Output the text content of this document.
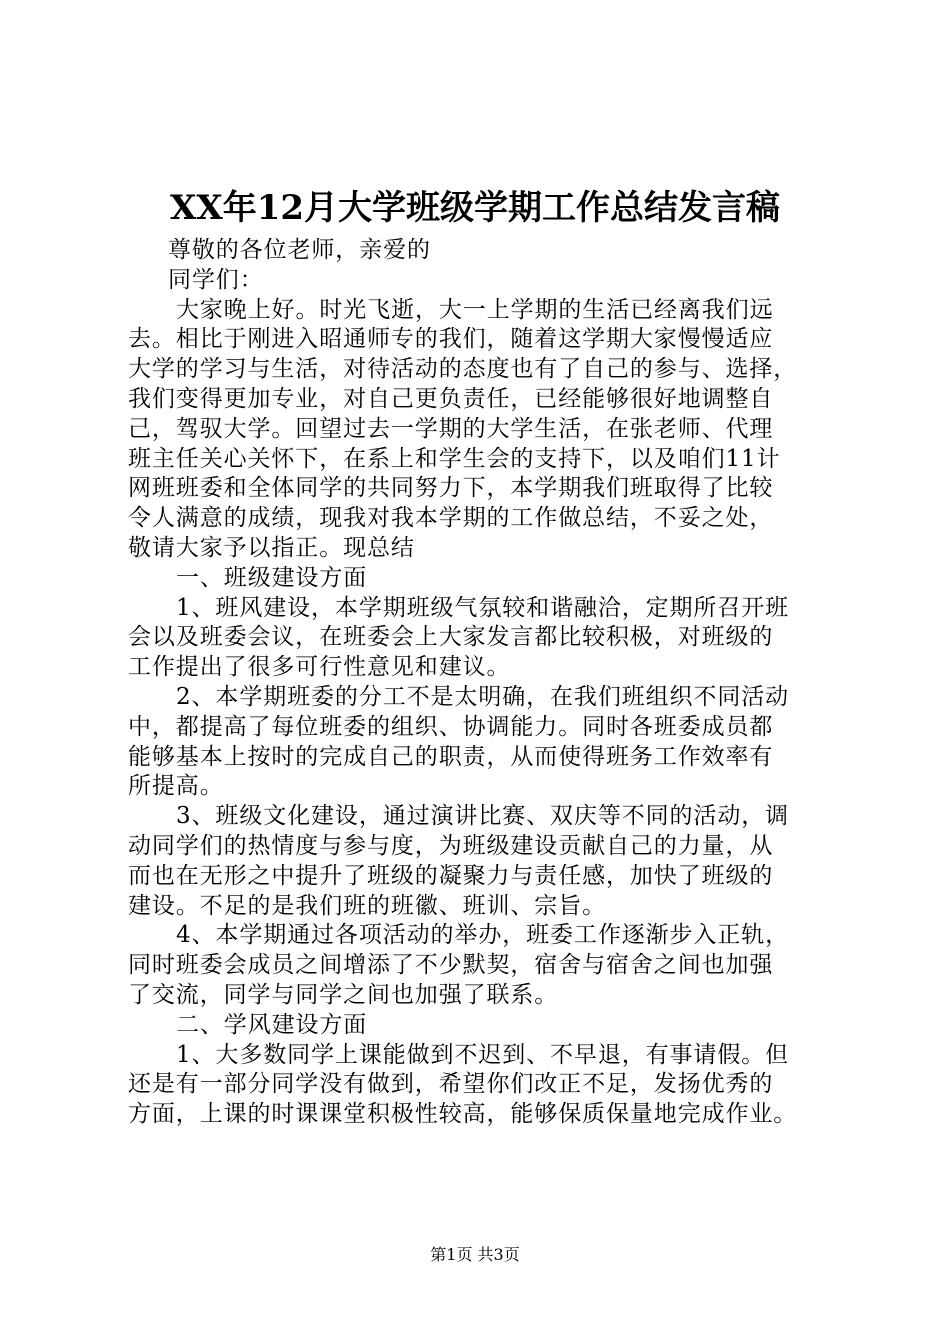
XX年12月大学班级学期工作总结发言稿
尊敬的各位老师，亲爱的
同学们：
大家晚上好。时光飞逝，大一上学期的生活已经离我们远
去。相比于刚进入昭通师专的我们，随着这学期大家慢慢适应
大学的学习与生活，对待活动的态度也有了自己的参与、选择，
我们变得更加专业，对自己更负责任，已经能够很好地调整自
己，驾驭大学。回望过去一学期的大学生活，在张老师、代理
班主任关心关怀下，在系上和学生会的支持下，以及咱们11计
网班班委和全体同学的共同努力下，本学期我们班取得了比较
令人满意的成绩，现我对我本学期的工作做总结，不妥之处，
敬请大家予以指正。现总结
一、班级建设方面
1、班风建设，本学期班级气氛较和谐融洽，定期所召开班
会以及班委会议，在班委会上大家发言都比较积极，对班级的
工作提出了很多可行性意见和建议。
2、本学期班委的分工不是太明确，在我们班组织不同活动
中，都提高了每位班委的组织、协调能力。同时各班委成员都
能够基本上按时的完成自己的职责，从而使得班务工作效率有
所提高。
3、班级文化建设，通过演讲比赛、双庆等不同的活动，调
动同学们的热情度与参与度，为班级建设贡献自己的力量，从
而也在无形之中提升了班级的凝聚力与责任感，加快了班级的
建设。不足的是我们班的班徽、班训、宗旨。
4、本学期通过各项活动的举办，班委工作逐渐步入正轨，
同时班委会成员之间增添了不少默契，宿舍与宿舍之间也加强
了交流，同学与同学之间也加强了联系。
二、学风建设方面
1、大多数同学上课能做到不迟到、不早退，有事请假。但
还是有一部分同学没有做到，希望你们改正不足，发扬优秀的
方面，上课的时课课堂积极性较高，能够保质保量地完成作业。
第1页 共3页
